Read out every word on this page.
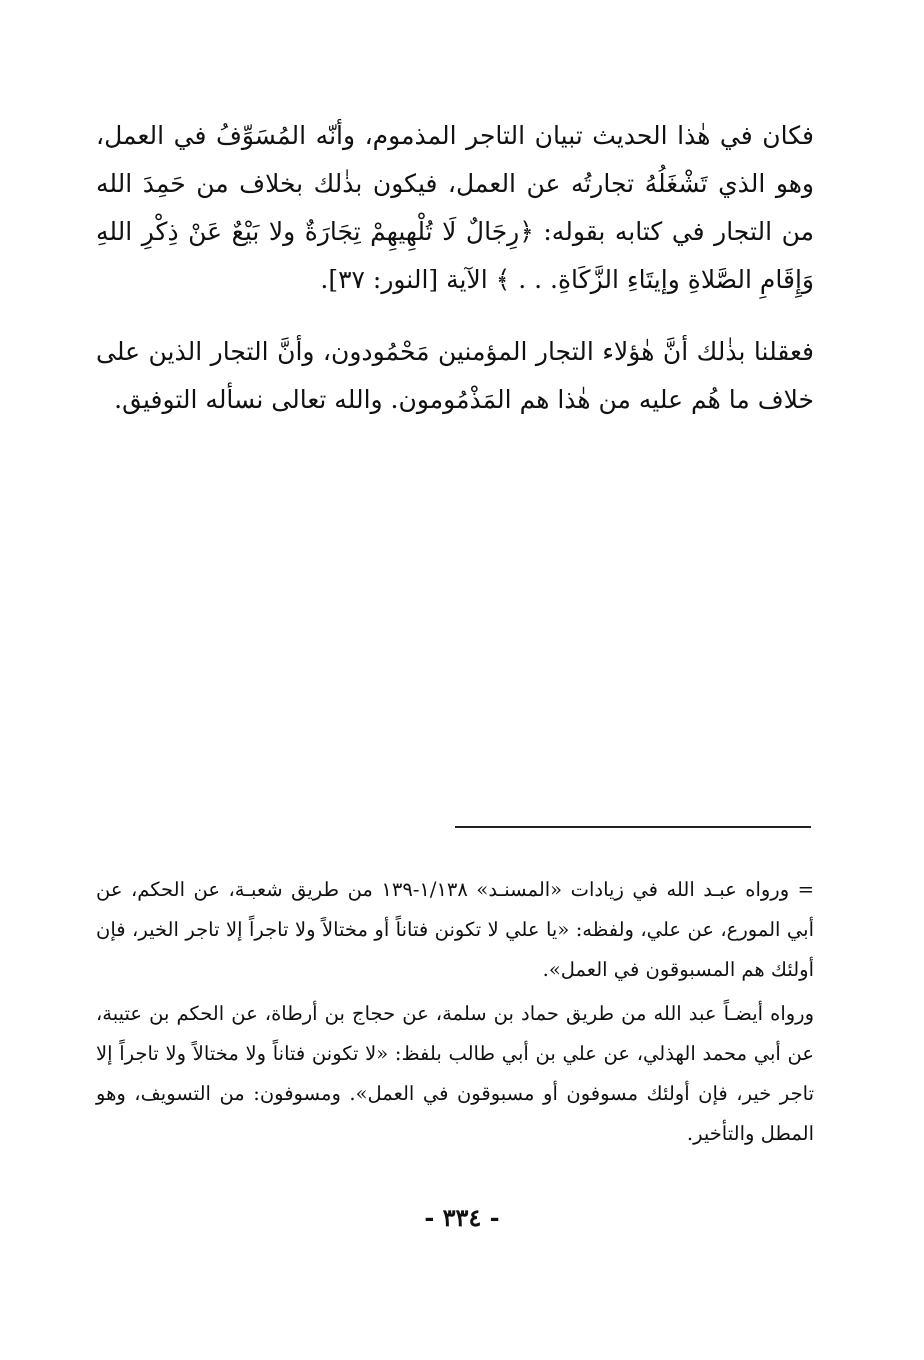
فكان في هٰذا الحديث تبيان التاجر المذموم، وأنّه المُسَوِّفُ في العمل، وهو الذي تَشْغَلُهُ تجارتُه عن العمل، فيكون بذٰلك بخلاف من حَمِدَ الله من التجار في كتابه بقوله: ﴿رِجَالٌ لَا تُلْهِيهِمْ تِجَارَةٌ ولا بَيْعٌ عَنْ ذِكْرِ اللهِ وَإِقَامِ الصَّلاةِ وإيتَاءِ الزَّكَاةِ. . . ﴾ الآية [النور: ٣٧].

فعقلنا بذٰلك أنَّ هٰؤلاء التجار المؤمنين مَحْمُودون، وأنَّ التجار الذين على خلاف ما هُم عليه من هٰذا هم المَذْمُومون. والله تعالى نسأله التوفيق.

= ورواه عبـد الله في زيادات «المسنـد» ١/١٣٨-١٣٩ من طريق شعبـة، عن الحكم، عن أبي المورع، عن علي، ولفظه: «يا علي لا تكونن فتاناً أو مختالاً ولا تاجراً إلا تاجر الخير، فإن أولئك هم المسبوقون في العمل».

ورواه أيضـاً عبد الله من طريق حماد بن سلمة، عن حجاج بن أرطاة، عن الحكم بن عتيبة، عن أبي محمد الهذلي، عن علي بن أبي طالب بلفظ: «لا تكونن فتاناً ولا مختالاً ولا تاجراً إلا تاجر خير، فإن أولئك مسوفون أو مسبوقون في العمل». ومسوفون: من التسويف، وهو المطل والتأخير.

- ٣٣٤ -
